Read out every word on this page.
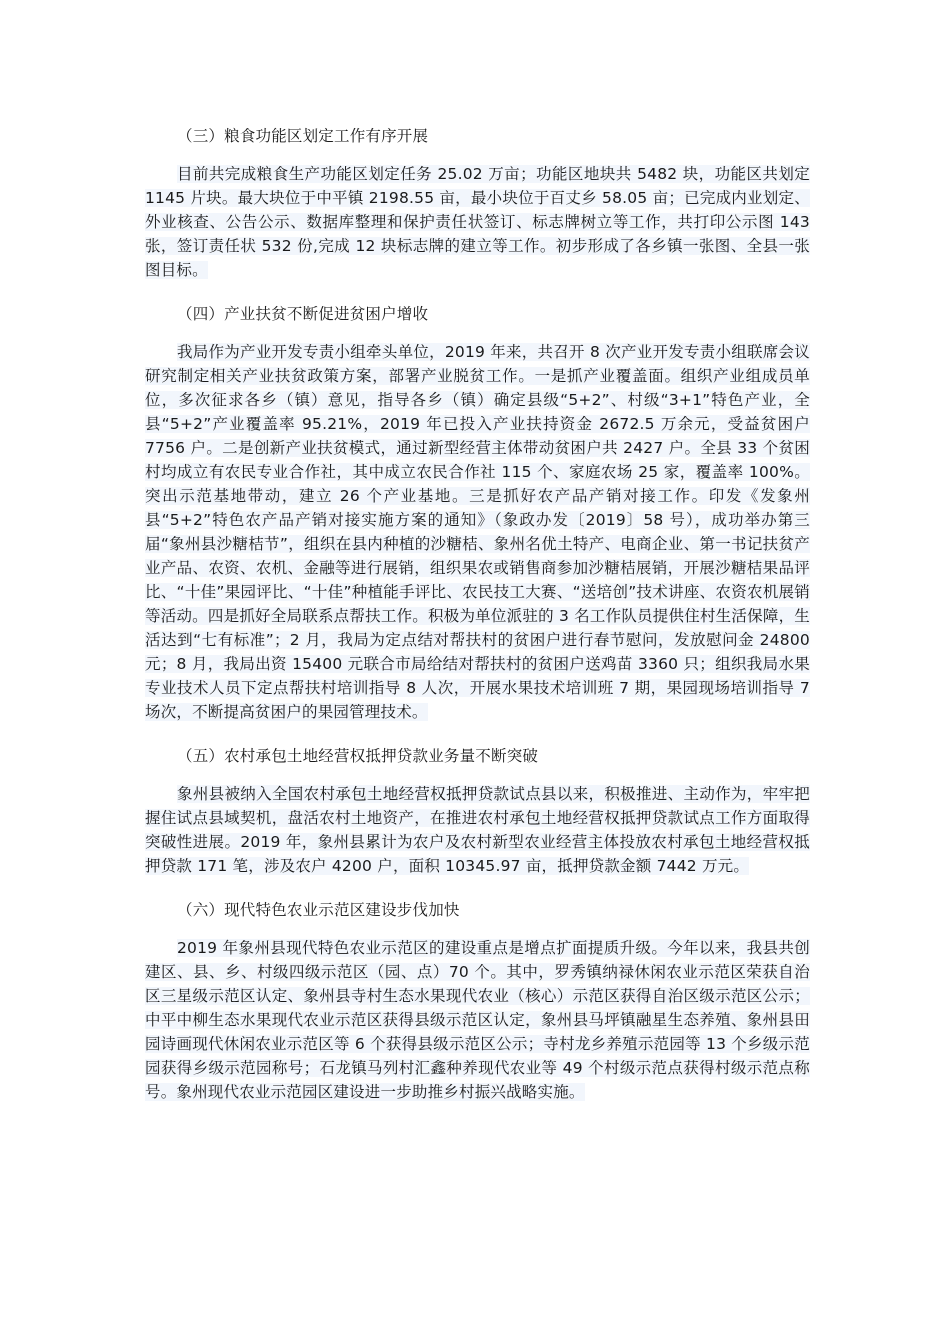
（三）粮食功能区划定工作有序开展

目前共完成粮食生产功能区划定任务 25.02 万亩；功能区地块共 5482 块，功能区共划定 1145 片块。最大块位于中平镇 2198.55 亩，最小块位于百丈乡 58.05 亩；已完成内业划定、外业核查、公告公示、数据库整理和保护责任状签订、标志牌树立等工作，共打印公示图 143 张，签订责任状 532 份,完成 12 块标志牌的建立等工作。初步形成了各乡镇一张图、全县一张图目标。

（四）产业扶贫不断促进贫困户增收

我局作为产业开发专责小组牵头单位，2019 年来，共召开 8 次产业开发专责小组联席会议研究制定相关产业扶贫政策方案，部署产业脱贫工作。一是抓产业覆盖面。组织产业组成员单位，多次征求各乡（镇）意见，指导各乡（镇）确定县级“5+2”、村级“3+1”特色产业，全县“5+2”产业覆盖率 95.21%，2019 年已投入产业扶持资金 2672.5 万余元，受益贫困户 7756 户。二是创新产业扶贫模式，通过新型经营主体带动贫困户共 2427 户。全县 33 个贫困村均成立有农民专业合作社，其中成立农民合作社 115 个、家庭农场 25 家，覆盖率 100%。突出示范基地带动，建立 26 个产业基地。三是抓好农产品产销对接工作。印发《发象州县“5+2”特色农产品产销对接实施方案的通知》（象政办发〔2019〕58 号），成功举办第三届“象州县沙糖桔节”，组织在县内种植的沙糖桔、象州名优土特产、电商企业、第一书记扶贫产业产品、农资、农机、金融等进行展销，组织果农或销售商参加沙糖桔展销，开展沙糖桔果品评比、“十佳”果园评比、“十佳”种植能手评比、农民技工大赛、“送培创”技术讲座、农资农机展销等活动。四是抓好全局联系点帮扶工作。积极为单位派驻的 3 名工作队员提供住村生活保障，生活达到“七有标准”；2 月，我局为定点结对帮扶村的贫困户进行春节慰问，发放慰问金 24800 元；8 月，我局出资 15400 元联合市局给结对帮扶村的贫困户送鸡苗 3360 只；组织我局水果专业技术人员下定点帮扶村培训指导 8 人次，开展水果技术培训班 7 期，果园现场培训指导 7 场次，不断提高贫困户的果园管理技术。

（五）农村承包土地经营权抵押贷款业务量不断突破

象州县被纳入全国农村承包土地经营权抵押贷款试点县以来，积极推进、主动作为，牢牢把握住试点县域契机，盘活农村土地资产，在推进农村承包土地经营权抵押贷款试点工作方面取得突破性进展。2019 年，象州县累计为农户及农村新型农业经营主体投放农村承包土地经营权抵押贷款 171 笔，涉及农户 4200 户，面积 10345.97 亩，抵押贷款金额 7442 万元。

（六）现代特色农业示范区建设步伐加快

2019 年象州县现代特色农业示范区的建设重点是增点扩面提质升级。今年以来，我县共创建区、县、乡、村级四级示范区（园、点）70 个。其中，罗秀镇纳禄休闲农业示范区荣获自治区三星级示范区认定、象州县寺村生态水果现代农业（核心）示范区获得自治区级示范区公示；中平中柳生态水果现代农业示范区获得县级示范区认定，象州县马坪镇融星生态养殖、象州县田园诗画现代休闲农业示范区等 6 个获得县级示范区公示；寺村龙乡养殖示范园等 13 个乡级示范园获得乡级示范园称号；石龙镇马列村汇鑫种养现代农业等 49 个村级示范点获得村级示范点称号。象州现代农业示范园区建设进一步助推乡村振兴战略实施。
